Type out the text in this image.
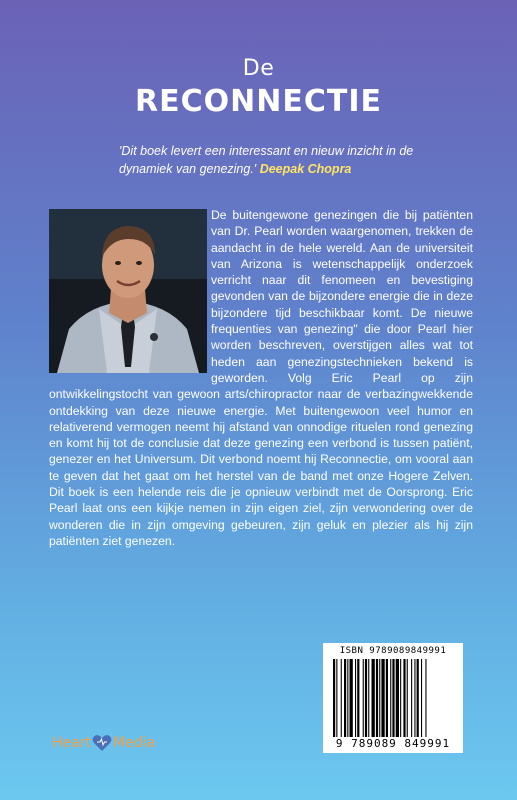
De
RECONNECTIE
'Dit boek levert een interessant en nieuw inzicht in de dynamiek van genezing.' Deepak Chopra
De buitengewone genezingen die bij patiënten van Dr. Pearl worden waargenomen, trekken de aandacht in de hele wereld. Aan de universiteit van Arizona is wetenschappelijk onderzoek verricht naar dit fenomeen en bevestiging gevonden van de bijzondere energie die in deze bijzondere tijd beschikbaar komt. De nieuwe frequenties van genezing" die door Pearl hier worden beschreven, overstijgen alles wat tot heden aan genezingstechnieken bekend is geworden. Volg Eric Pearl op zijn ontwikkelingstocht van gewoon arts/chiropractor naar de verbazingwekkende ontdekking van deze nieuwe energie. Met buitengewoon veel humor en relativerend vermogen neemt hij afstand van onnodige rituelen rond genezing en komt hij tot de conclusie dat deze genezing een verbond is tussen patiënt, genezer en het Universum. Dit verbond noemt hij Reconnectie, om vooral aan te geven dat het gaat om het herstel van de band met onze Hogere Zelven. Dit boek is een helende reis die je opnieuw verbindt met de Oorsprong. Eric Pearl laat ons een kijkje nemen in zijn eigen ziel, zijn verwondering over de wonderen die in zijn omgeving gebeuren, zijn geluk en plezier als hij zijn patiënten ziet genezen.
ISBN 9789089849991
9 789089 849991
Heart Media
